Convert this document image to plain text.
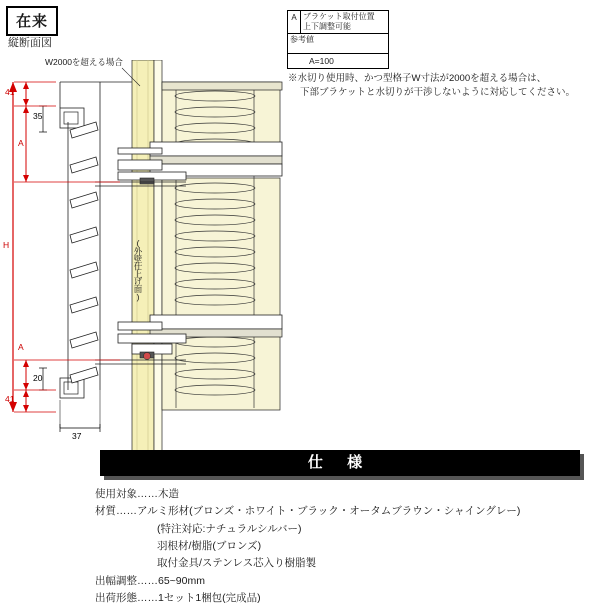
在来
縦断面図
A ブラケット取付位置
上下調整可能
参考値
A=100
※水切り使用時、かつ型格子W寸法が2000を超える場合は、
下部ブラケットと水切りが干渉しないように対応してください。
41
35
A
H
A
20
41
37
W2000を超える場合
(外壁仕上げ面)
仕 様
使用対象……木造
材質……アルミ形材(ブロンズ・ホワイト・ブラック・オータムブラウン・シャイングレー)
(特注対応:ナチュラルシルバー)
羽根材/樹脂(ブロンズ)
取付金具/ステンレス芯入り樹脂製
出幅調整……65~90mm
出荷形態……1セット1梱包(完成品)
